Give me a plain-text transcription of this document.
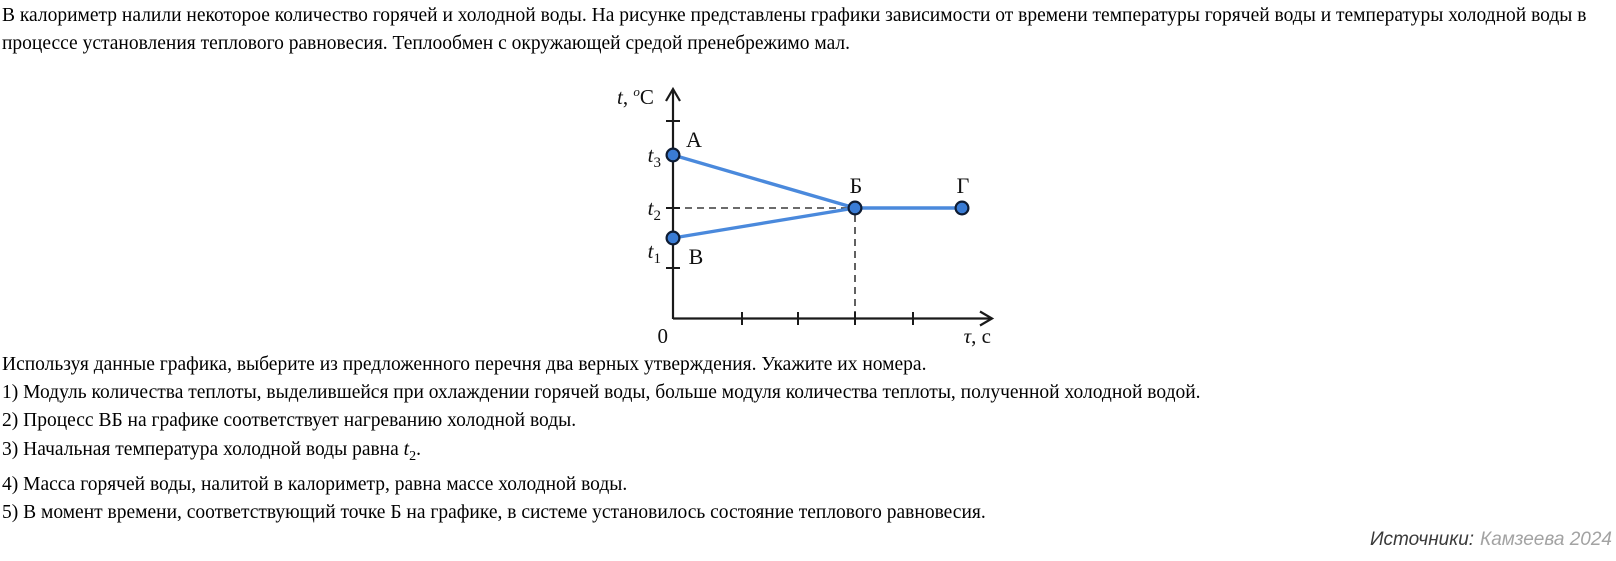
В калориметр налили некоторое количество горячей и холодной воды. На рисунке представлены графики зависимости от времени температуры горячей воды и температуры холодной воды в процессе установления теплового равновесия. Теплообмен с окружающей средой пренебрежимо мал.

t, $^o$C
τ, с
0
$t_3$
$t_2$
$t_1$
А
Б
В
Г

Используя данные графика, выберите из предложенного перечня два верных утверждения. Укажите их номера.

1) Модуль количества теплоты, выделившейся при охлаждении горячей воды, больше модуля количества теплоты, полученной холодной водой.

2) Процесс ВБ на графике соответствует нагреванию холодной воды.

3) Начальная температура холодной воды равна $t_2$.

4) Масса горячей воды, налитой в калориметр, равна массе холодной воды.

5) В момент времени, соответствующий точке Б на графике, в системе установилось состояние теплового равновесия.

Источники: Камзеева 2024
